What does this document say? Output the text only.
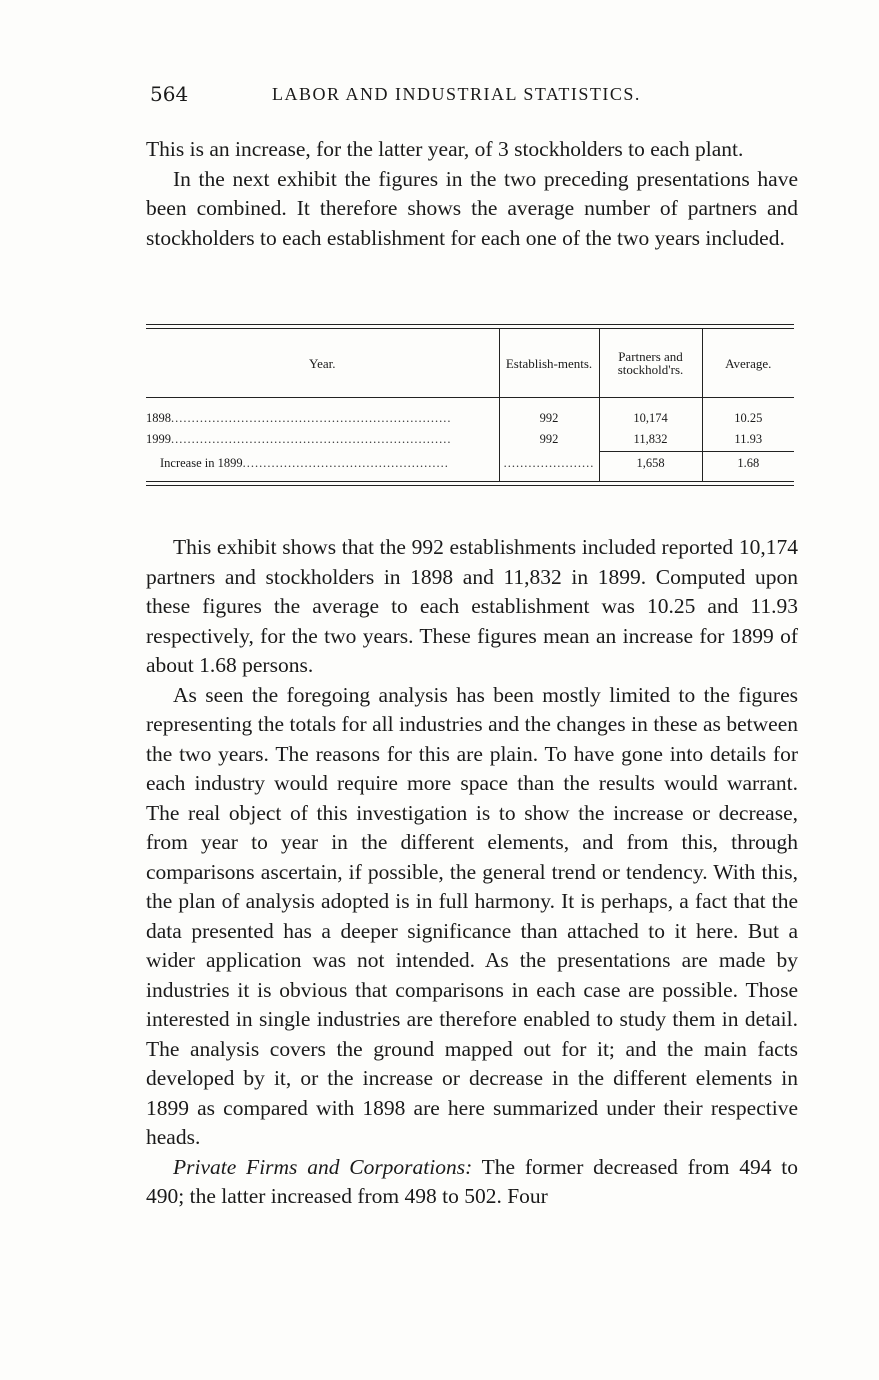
564	LABOR AND INDUSTRIAL STATISTICS.

This is an increase, for the latter year, of 3 stockholders to each plant.

In the next exhibit the figures in the two preceding presentations have been combined. It therefore shows the average number of partners and stockholders to each establishment for each one of the two years included.

Year.	Establish-ments.	Partners and stockhold'rs.	Average.
1898....................................................................	992	10,174	10.25
1999....................................................................	992	11,832	11.93
Increase in 1899..................................................	......................	1,658	1.68

This exhibit shows that the 992 establishments included reported 10,174 partners and stockholders in 1898 and 11,832 in 1899. Computed upon these figures the average to each establishment was 10.25 and 11.93 respectively, for the two years. These figures mean an increase for 1899 of about 1.68 persons.

As seen the foregoing analysis has been mostly limited to the figures representing the totals for all industries and the changes in these as between the two years. The reasons for this are plain. To have gone into details for each industry would require more space than the results would warrant. The real object of this investigation is to show the increase or decrease, from year to year in the different elements, and from this, through comparisons ascertain, if possible, the general trend or tendency. With this, the plan of analysis adopted is in full harmony. It is perhaps, a fact that the data presented has a deeper significance than attached to it here. But a wider application was not intended. As the presentations are made by industries it is obvious that comparisons in each case are possible. Those interested in single industries are therefore enabled to study them in detail. The analysis covers the ground mapped out for it; and the main facts developed by it, or the increase or decrease in the different elements in 1899 as compared with 1898 are here summarized under their respective heads.

Private Firms and Corporations: The former decreased from 494 to 490; the latter increased from 498 to 502. Four
